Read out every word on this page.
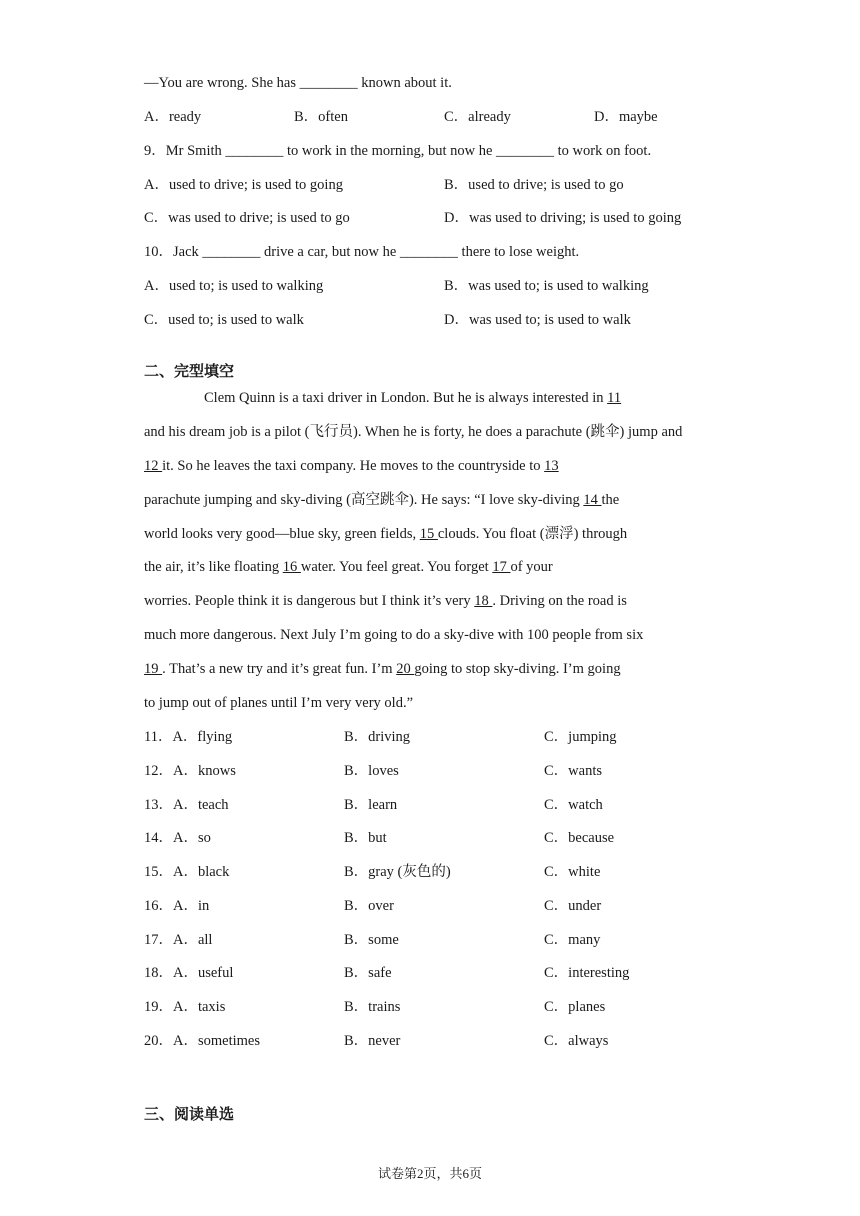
—You are wrong. She has ________ known about it.
A．ready	B．often	C．already	D．maybe
9．Mr Smith ________ to work in the morning, but now he ________ to work on foot.
A．used to drive; is used to going	B．used to drive; is used to go
C．was used to drive; is used to go	D．was used to driving; is used to going
10．Jack ________ drive a car, but now he ________ there to lose weight.
A．used to; is used to walking	B．was used to; is used to walking
C．used to; is used to walk	D．was used to; is used to walk
二、完型填空
Clem Quinn is a taxi driver in London. But he is always interested in 11
and his dream job is a pilot (飞行员). When he is forty, he does a parachute (跳伞) jump and
12 it. So he leaves the taxi company. He moves to the countryside to 13
parachute jumping and sky-diving (高空跳伞). He says: “I love sky-diving 14 the
world looks very good—blue sky, green fields, 15 clouds. You float (漂浮) through
the air, it’s like floating 16 water. You feel great. You forget 17 of your
worries. People think it is dangerous but I think it’s very 18 . Driving on the road is
much more dangerous. Next July I’m going to do a sky-dive with 100 people from six
19 . That’s a new try and it’s great fun. I’m 20 going to stop sky-diving. I’m going
to jump out of planes until I’m very very old.”
11．A．flying	B．driving	C．jumping
12．A．knows	B．loves	C．wants
13．A．teach	B．learn	C．watch
14．A．so	B．but	C．because
15．A．black	B．gray (灰色的)	C．white
16．A．in	B．over	C．under
17．A．all	B．some	C．many
18．A．useful	B．safe	C．interesting
19．A．taxis	B．trains	C．planes
20．A．sometimes	B．never	C．always
三、阅读单选
试卷第2页，共6页
